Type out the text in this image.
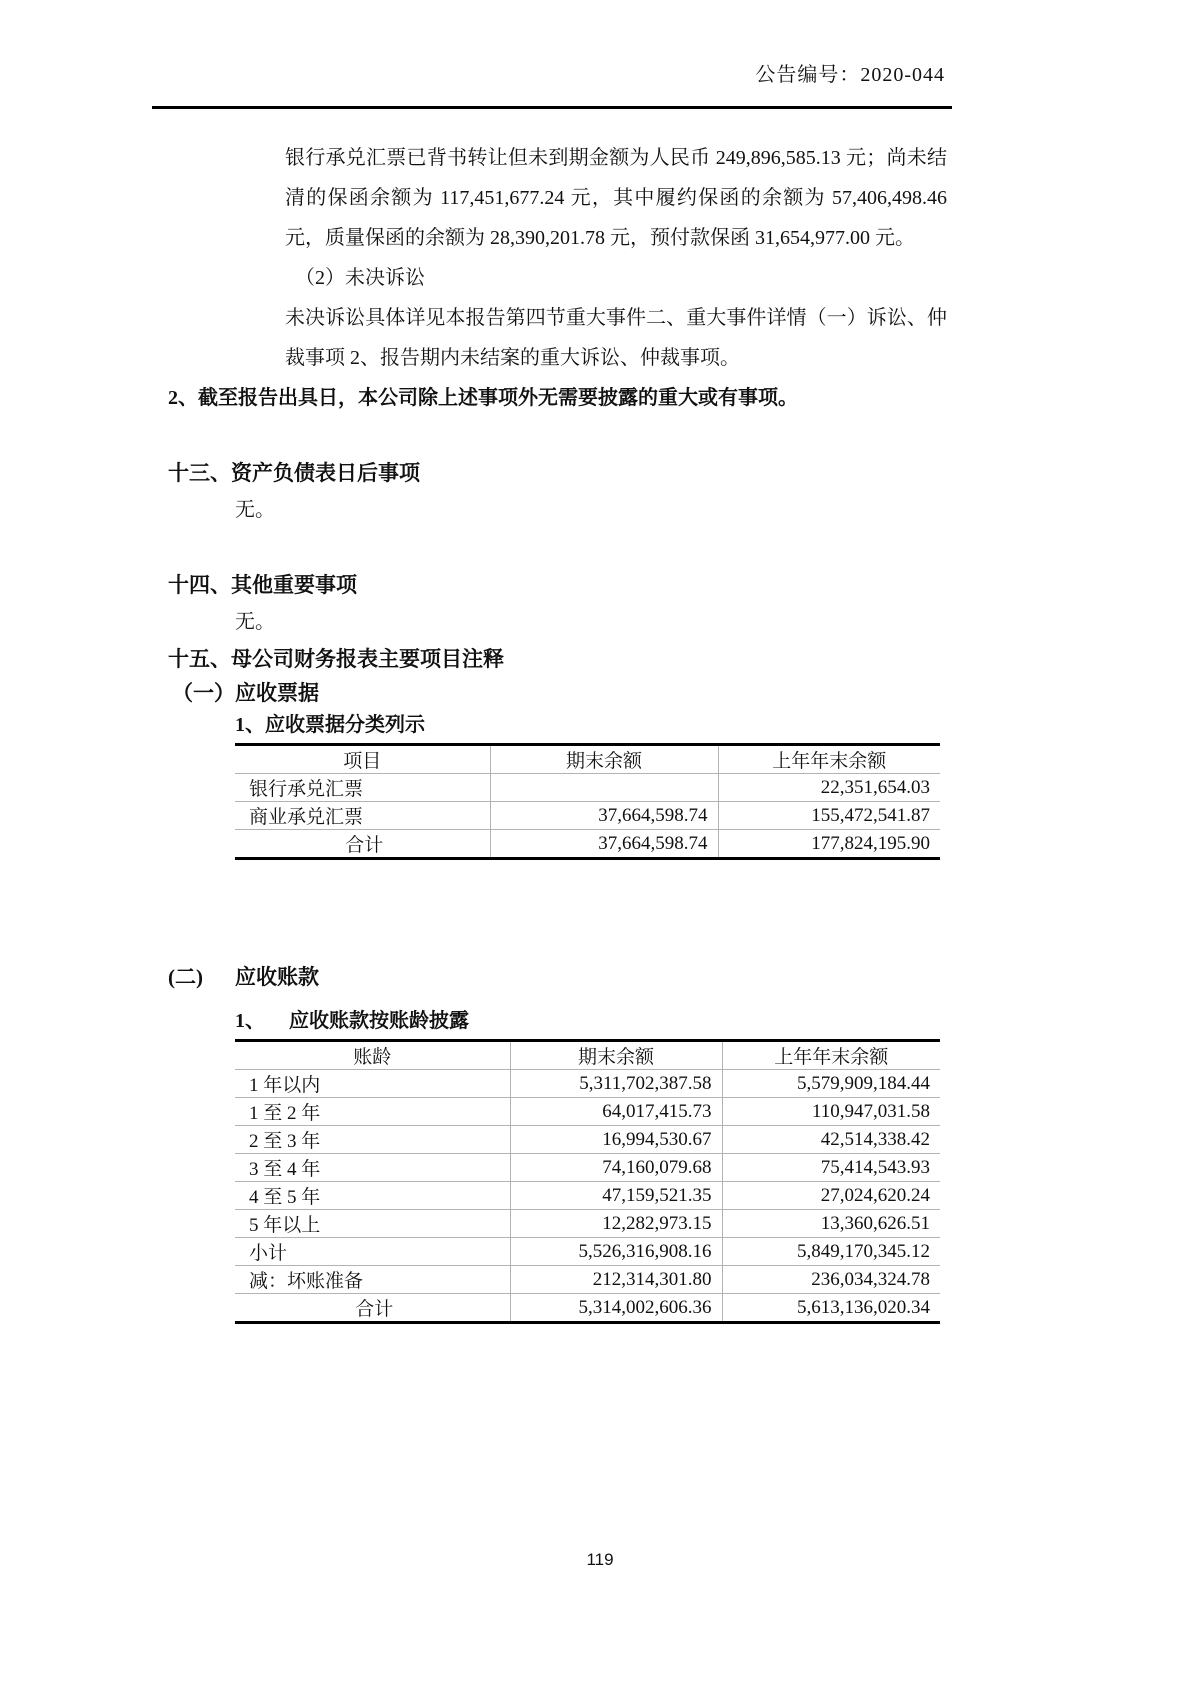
公告编号：2020-044
银行承兑汇票已背书转让但未到期金额为人民币 249,896,585.13 元；尚未结清的保函余额为 117,451,677.24 元，其中履约保函的余额为 57,406,498.46 元，质量保函的余额为 28,390,201.78 元，预付款保函 31,654,977.00 元。
（2）未决诉讼
未决诉讼具体详见本报告第四节重大事件二、重大事件详情（一）诉讼、仲裁事项 2、报告期内未结案的重大诉讼、仲裁事项。
2、截至报告出具日，本公司除上述事项外无需要披露的重大或有事项。
十三、资产负债表日后事项
无。
十四、其他重要事项
无。
十五、母公司财务报表主要项目注释
（一）应收票据
1、应收票据分类列示
项目	期末余额	上年年末余额
银行承兑汇票		22,351,654.03
商业承兑汇票	37,664,598.74	155,472,541.87
合计	37,664,598.74	177,824,195.90
(二) 应收账款
1、 应收账款按账龄披露
账龄	期末余额	上年年末余额
1 年以内	5,311,702,387.58	5,579,909,184.44
1 至 2 年	64,017,415.73	110,947,031.58
2 至 3 年	16,994,530.67	42,514,338.42
3 至 4 年	74,160,079.68	75,414,543.93
4 至 5 年	47,159,521.35	27,024,620.24
5 年以上	12,282,973.15	13,360,626.51
小计	5,526,316,908.16	5,849,170,345.12
减：坏账准备	212,314,301.80	236,034,324.78
合计	5,314,002,606.36	5,613,136,020.34
119
